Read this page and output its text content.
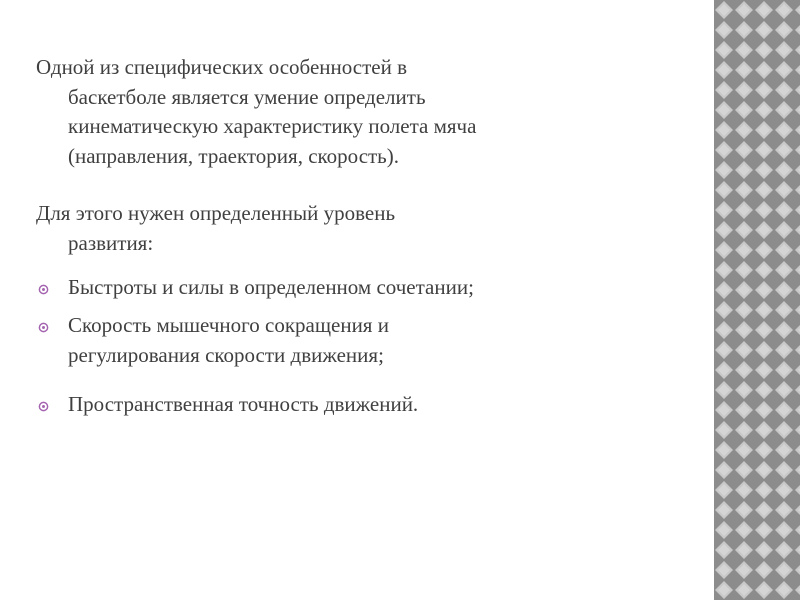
Одной из специфических особенностей в
баскетболе является умение определить
кинематическую характеристику полета мяча
(направления, траектория, скорость).
Для этого нужен определенный уровень
развития:
Быстроты и силы в определенном сочетании;
Скорость мышечного сокращения и
регулирования скорости движения;
Пространственная точность движений.
